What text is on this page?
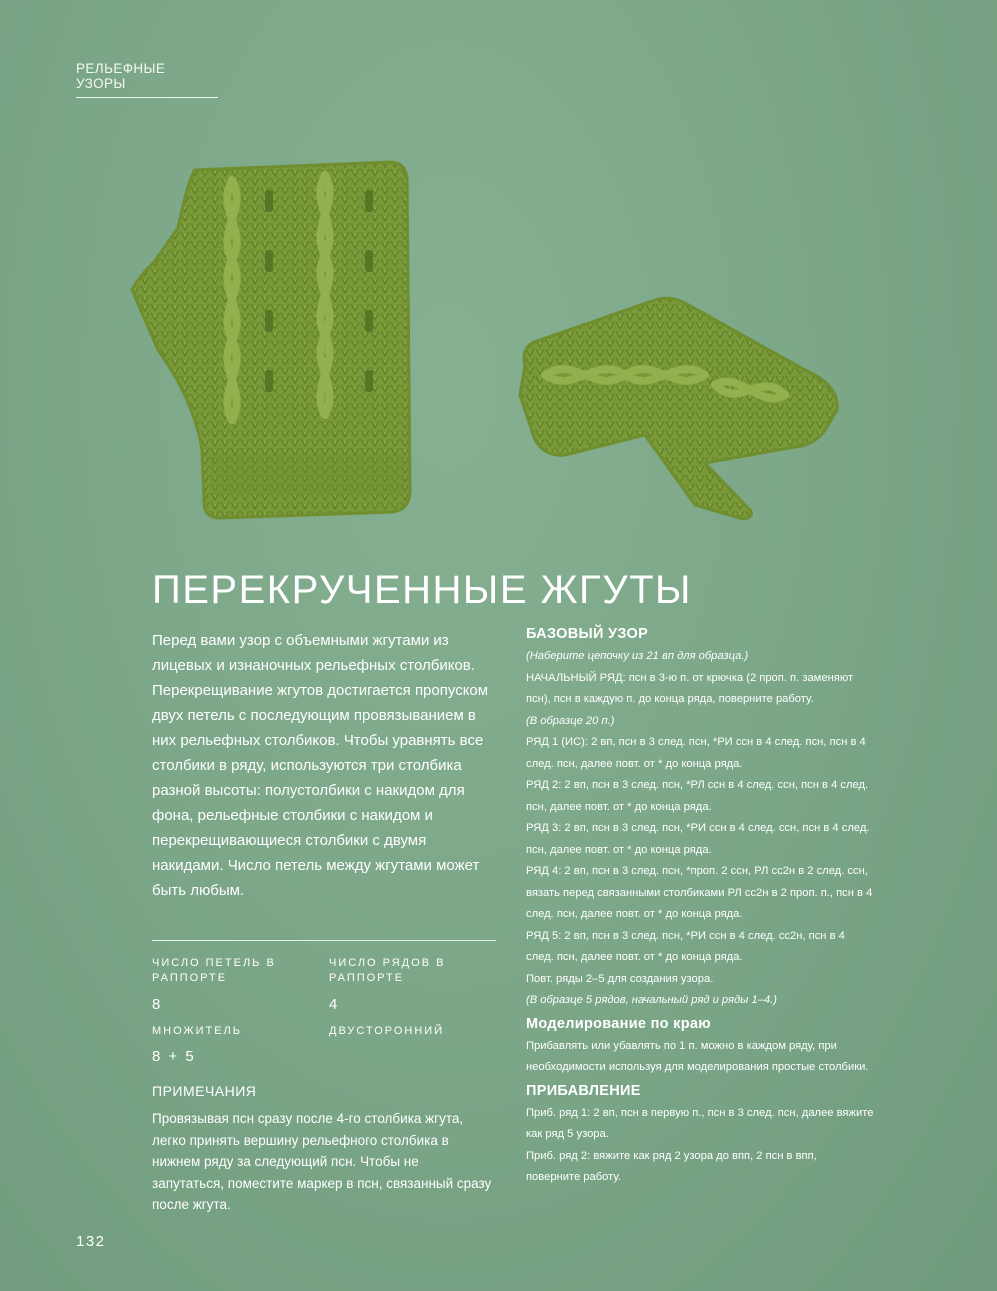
РЕЛЬЕФНЫЕ УЗОРЫ
ПЕРЕКРУЧЕННЫЕ ЖГУТЫ

Перед вами узор с объемными жгутами из лицевых и изнаночных рельефных столбиков. Перекрещивание жгутов достигается пропуском двух петель с последующим провязыванием в них рельефных столбиков. Чтобы уравнять все столбики в ряду, используются три столбика разной высоты: полустолбики с накидом для фона, рельефные столбики с накидом и перекрещивающиеся столбики с двумя накидами. Число петель между жгутами может быть любым.

ЧИСЛО ПЕТЕЛЬ В РАППОРТЕ
8
ЧИСЛО РЯДОВ В РАППОРТЕ
4
МНОЖИТЕЛЬ
8 + 5
ДВУСТОРОННИЙ
ПРИМЕЧАНИЯ

Провязывая псн сразу после 4-го столбика жгута, легко принять вершину рельефного столбика в нижнем ряду за следующий псн. Чтобы не запутаться, поместите маркер в псн, связанный сразу после жгута.

132
БАЗОВЫЙ УЗОР

(Наберите цепочку из 21 вп для образца.)

НАЧАЛЬНЫЙ РЯД: псн в 3-ю п. от крючка (2 проп. п. заменяют псн), псн в каждую п. до конца ряда, поверните работу.

(В образце 20 п.)

РЯД 1 (ИС): 2 вп, псн в 3 след. псн, *РИ ссн в 4 след. псн, псн в 4 след. псн, далее повт. от * до конца ряда.

РЯД 2: 2 вп, псн в 3 след. псн, *РЛ ссн в 4 след. ссн, псн в 4 след. псн, далее повт. от * до конца ряда.

РЯД 3: 2 вп, псн в 3 след. псн, *РИ ссн в 4 след. ссн, псн в 4 след. псн, далее повт. от * до конца ряда.

РЯД 4: 2 вп, псн в 3 след. псн, *проп. 2 ссн, РЛ сс2н в 2 след. ссн, вязать перед связанными столбиками РЛ сс2н в 2 проп. п., псн в 4 след. псн, далее повт. от * до конца ряда.

РЯД 5: 2 вп, псн в 3 след. псн, *РИ ссн в 4 след. сс2н, псн в 4 след. псн, далее повт. от * до конца ряда.

Повт. ряды 2–5 для создания узора.

(В образце 5 рядов, начальный ряд и ряды 1–4.)

Моделирование по краю

Прибавлять или убавлять по 1 п. можно в каждом ряду, при необходимости используя для моделирования простые столбики.

ПРИБАВЛЕНИЕ

Приб. ряд 1: 2 вп, псн в первую п., псн в 3 след. псн, далее вяжите как ряд 5 узора.

Приб. ряд 2: вяжите как ряд 2 узора до впп, 2 псн в впп, поверните работу.
